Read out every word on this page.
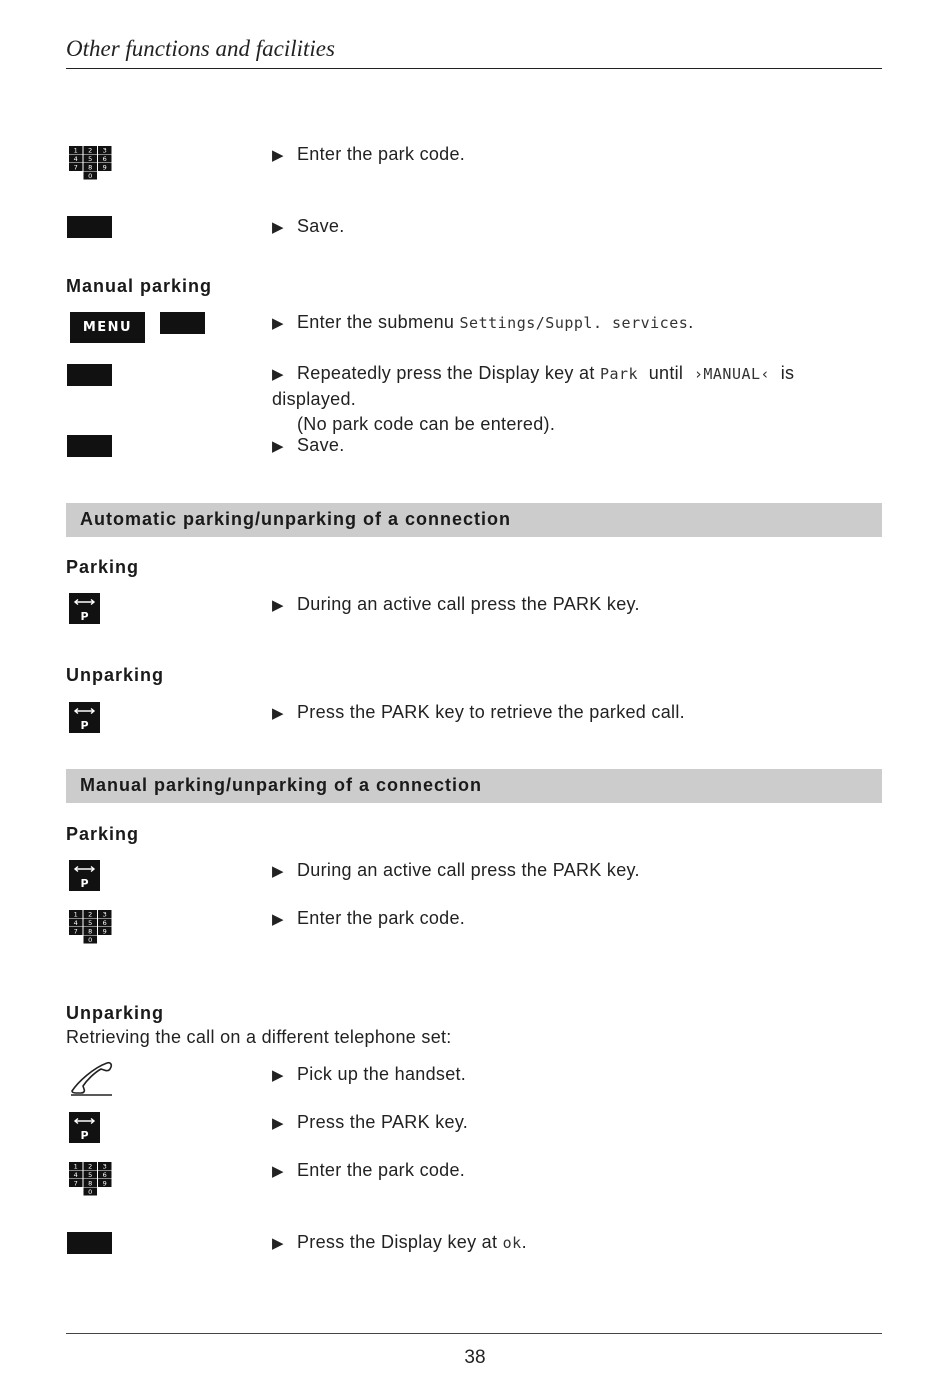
Other functions and facilities
1 2 3
4 5 6
7 8 9
0
Manual parking
MENU
Automatic parking/unparking of a connection
Parking
P
Unparking
P
Manual parking/unparking of a connection
Parking
P
1 2 3
4 5 6
7 8 9
0
Unparking
Retrieving the call on a different telephone set:
P
1 2 3
4 5 6
7 8 9
0
▶ Enter the park code.
▶ Save.
▶ Enter the submenu Settings/Suppl. services.
▶ Repeatedly press the Display key at Park until ›MANUAL‹ is displayed.
(No park code can be entered).
▶ Save.
▶ During an active call press the PARK key.
▶ Press the PARK key to retrieve the parked call.
▶ During an active call press the PARK key.
▶ Enter the park code.
▶ Pick up the handset.
▶ Press the PARK key.
▶ Enter the park code.
▶ Press the Display key at ok.
38
